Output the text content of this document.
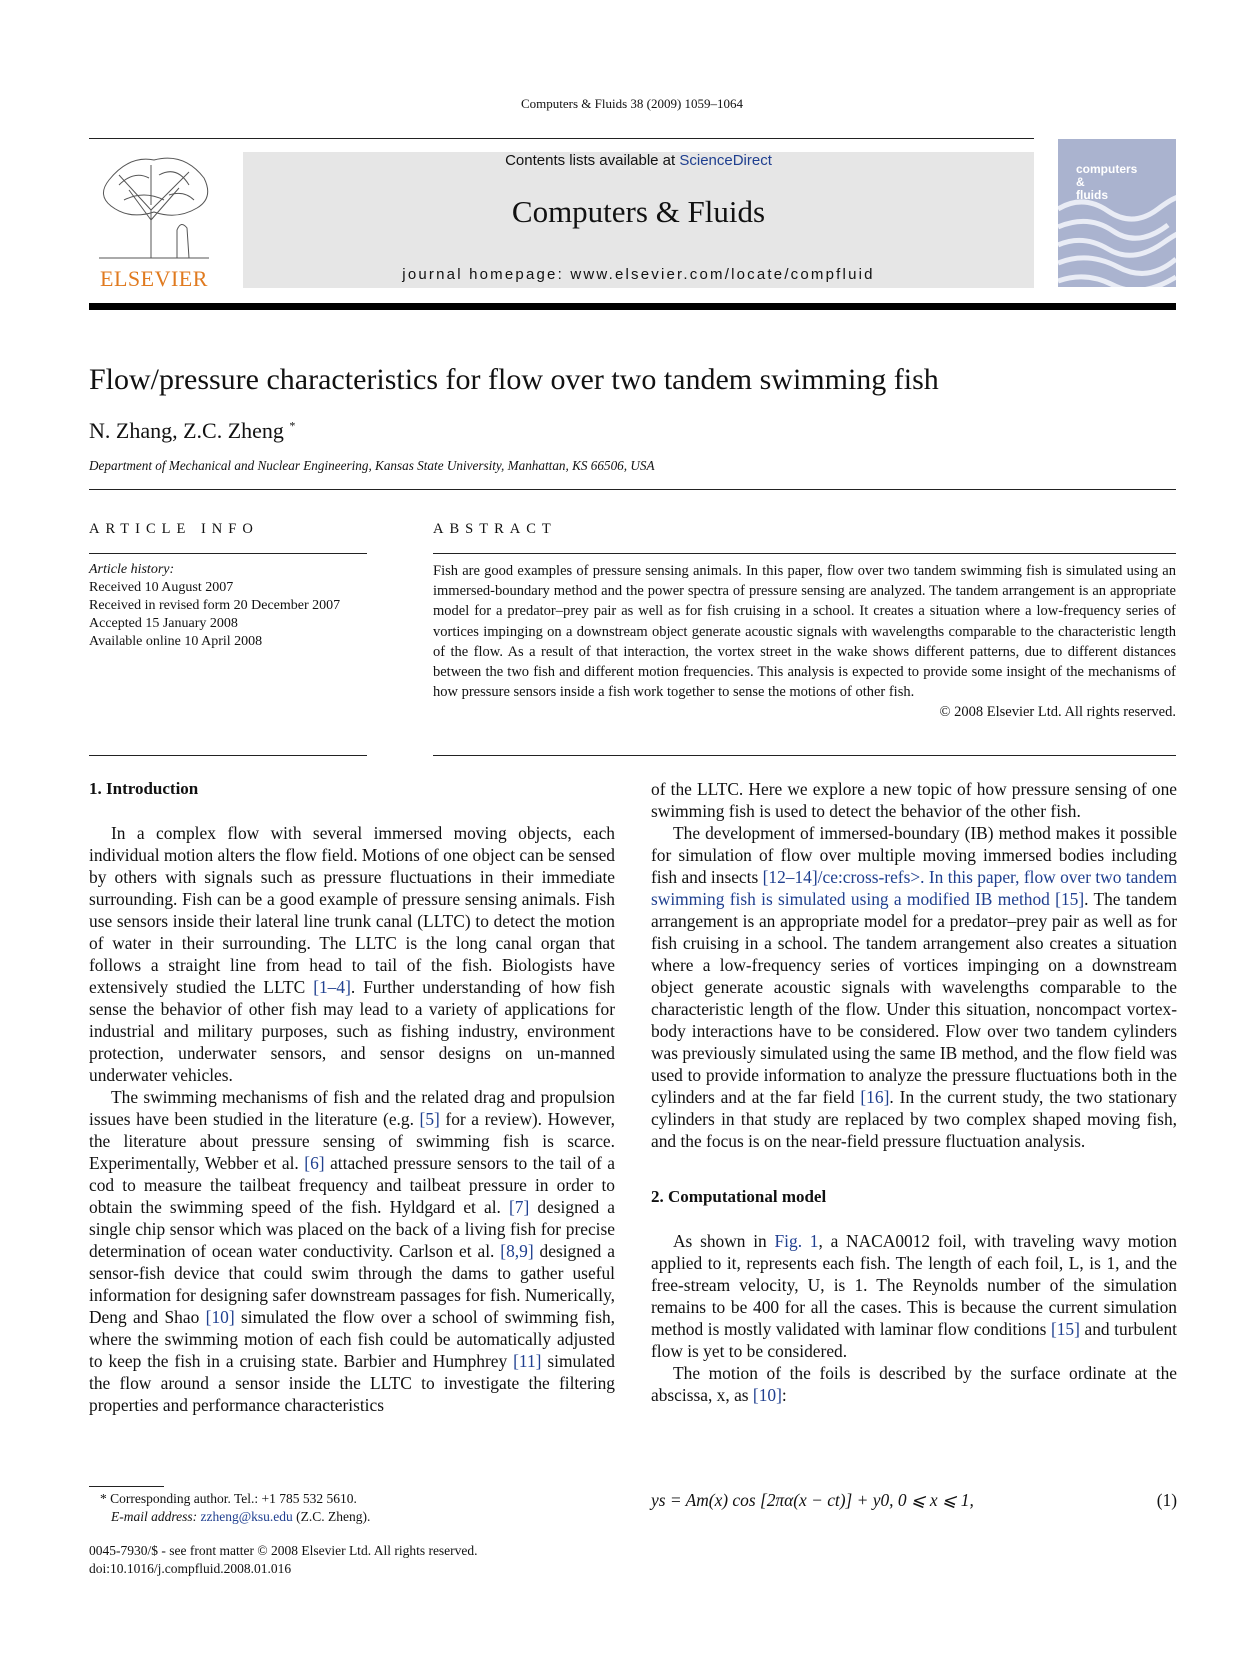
Computers & Fluids 38 (2009) 1059–1064
ELSEVIER
Contents lists available at ScienceDirect
Computers & Fluids
journal homepage: www.elsevier.com/locate/compfluid
computers
&
fluids
Flow/pressure characteristics for flow over two tandem swimming fish
N. Zhang, Z.C. Zheng *
Department of Mechanical and Nuclear Engineering, Kansas State University, Manhattan, KS 66506, USA
ARTICLE INFO	ABSTRACT
Article history:
Received 10 August 2007
Received in revised form 20 December 2007
Accepted 15 January 2008
Available online 10 April 2008
Fish are good examples of pressure sensing animals. In this paper, flow over two tandem swimming fish is simulated using an immersed-boundary method and the power spectra of pressure sensing are analyzed. The tandem arrangement is an appropriate model for a predator–prey pair as well as for fish cruising in a school. It creates a situation where a low-frequency series of vortices impinging on a downstream object generate acoustic signals with wavelengths comparable to the characteristic length of the flow. As a result of that interaction, the vortex street in the wake shows different patterns, due to different distances between the two fish and different motion frequencies. This analysis is expected to provide some insight of the mechanisms of how pressure sensors inside a fish work together to sense the motions of other fish.
© 2008 Elsevier Ltd. All rights reserved.
1. Introduction

In a complex flow with several immersed moving objects, each individual motion alters the flow field. Motions of one object can be sensed by others with signals such as pressure fluctuations in their immediate surrounding. Fish can be a good example of pressure sensing animals. Fish use sensors inside their lateral line trunk canal (LLTC) to detect the motion of water in their surrounding. The LLTC is the long canal organ that follows a straight line from head to tail of the fish. Biologists have extensively studied the LLTC [1–4]. Further understanding of how fish sense the behavior of other fish may lead to a variety of applications for industrial and military purposes, such as fishing industry, environment protection, underwater sensors, and sensor designs on un-manned underwater vehicles.

The swimming mechanisms of fish and the related drag and propulsion issues have been studied in the literature (e.g. [5] for a review). However, the literature about pressure sensing of swimming fish is scarce. Experimentally, Webber et al. [6] attached pressure sensors to the tail of a cod to measure the tailbeat frequency and tailbeat pressure in order to obtain the swimming speed of the fish. Hyldgard et al. [7] designed a single chip sensor which was placed on the back of a living fish for precise determination of ocean water conductivity. Carlson et al. [8,9] designed a sensor-fish device that could swim through the dams to gather useful information for designing safer downstream passages for fish. Numerically, Deng and Shao [10] simulated the flow over a school of swimming fish, where the swimming motion of each fish could be automatically adjusted to keep the fish in a cruising state. Barbier and Humphrey [11] simulated the flow around a sensor inside the LLTC to investigate the filtering properties and performance characteristics

of the LLTC. Here we explore a new topic of how pressure sensing of one swimming fish is used to detect the behavior of the other fish.

The development of immersed-boundary (IB) method makes it possible for simulation of flow over multiple moving immersed bodies including fish and insects [12–14]/ce:cross-refs>. In this paper, flow over two tandem swimming fish is simulated using a modified IB method [15]. The tandem arrangement is an appropriate model for a predator–prey pair as well as for fish cruising in a school. The tandem arrangement also creates a situation where a low-frequency series of vortices impinging on a downstream object generate acoustic signals with wavelengths comparable to the characteristic length of the flow. Under this situation, noncompact vortex-body interactions have to be considered. Flow over two tandem cylinders was previously simulated using the same IB method, and the flow field was used to provide information to analyze the pressure fluctuations both in the cylinders and at the far field [16]. In the current study, the two stationary cylinders in that study are replaced by two complex shaped moving fish, and the focus is on the near-field pressure fluctuation analysis.

2. Computational model

As shown in Fig. 1, a NACA0012 foil, with traveling wavy motion applied to it, represents each fish. The length of each foil, L, is 1, and the free-stream velocity, U, is 1. The Reynolds number of the simulation remains to be 400 for all the cases. This is because the current simulation method is mostly validated with laminar flow conditions [15] and turbulent flow is yet to be considered.

The motion of the foils is described by the surface ordinate at the abscissa, x, as [10]:

ys = Am(x) cos [2πα(x − ct)] + y0, 0 ⩽ x ⩽ 1,	(1)
* Corresponding author. Tel.: +1 785 532 5610.
E-mail address: zzheng@ksu.edu (Z.C. Zheng).
0045-7930/$ - see front matter © 2008 Elsevier Ltd. All rights reserved.
doi:10.1016/j.compfluid.2008.01.016
